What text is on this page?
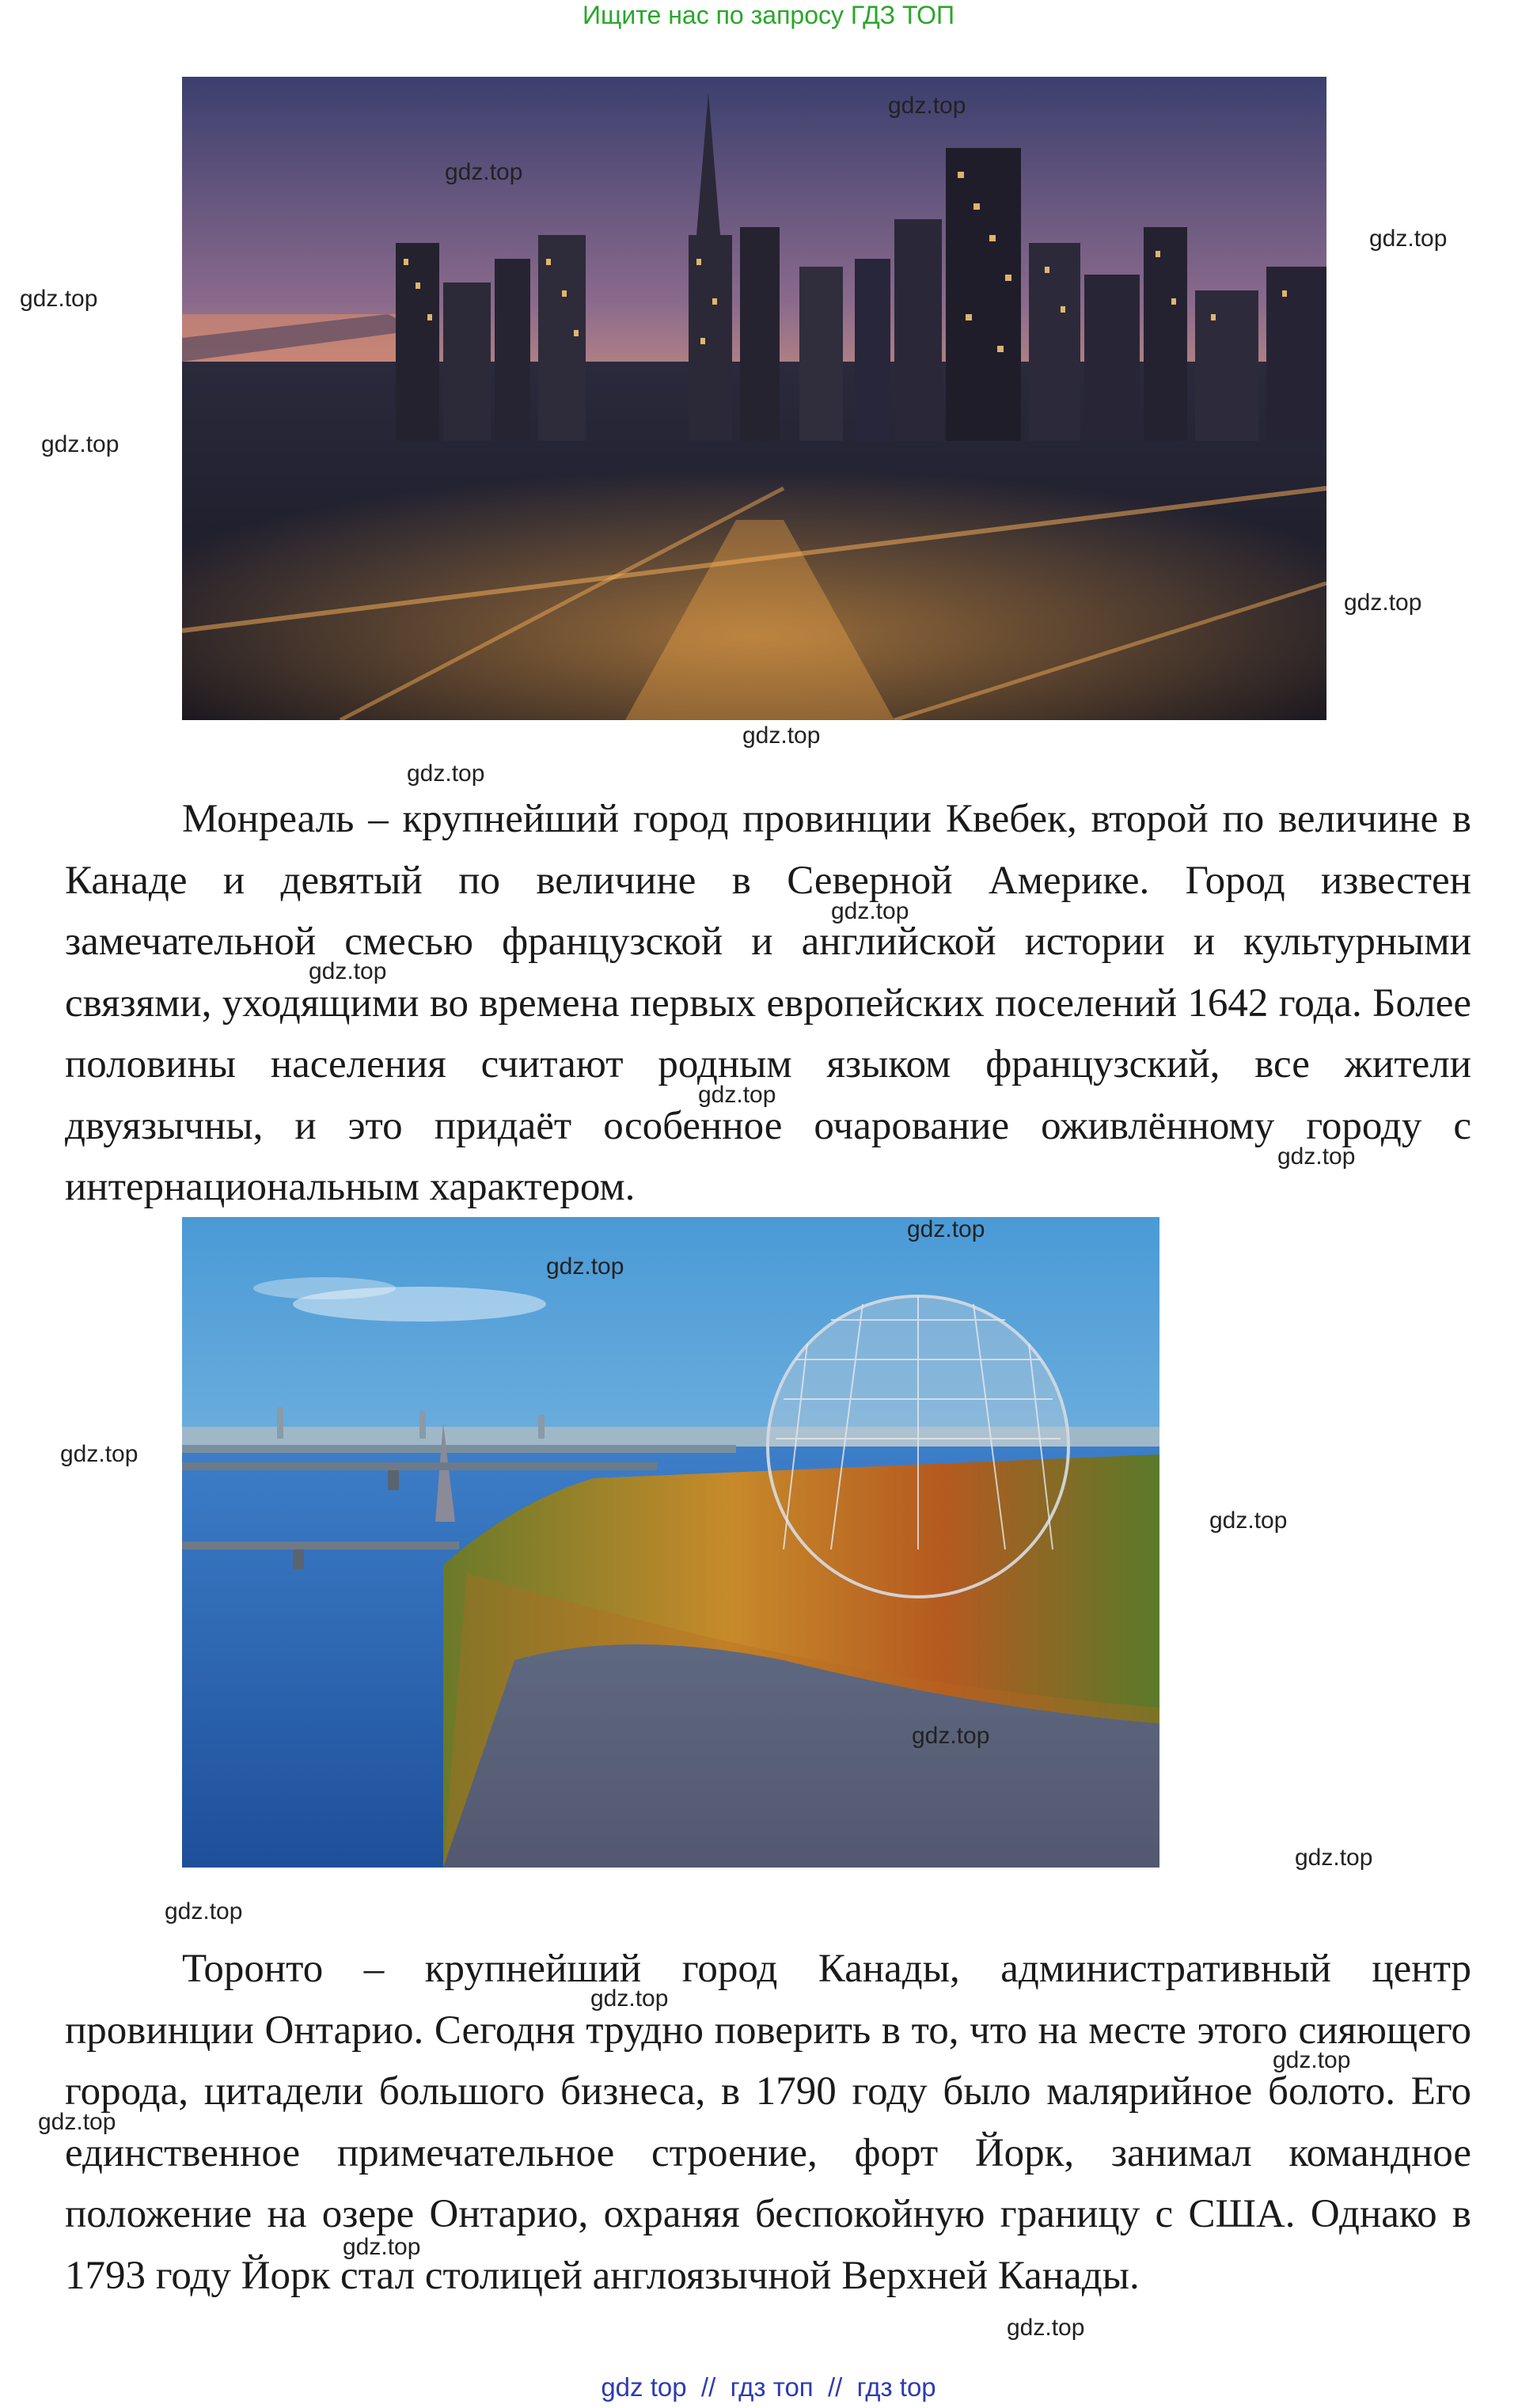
Ищите нас по запросу ГДЗ ТОП

Монреаль – крупнейший город провинции Квебек, второй по величине в Канаде и девятый по величине в Северной Америке. Город известен замечательной смесью французской и английской истории и культурными связями, уходящими во времена первых европейских поселений 1642 года. Более половины населения считают родным языком французский, все жители двуязычны, и это придаёт особенное очарование оживлённому городу с интернациональным характером.

Торонто – крупнейший город Канады, административный центр провинции Онтарио. Сегодня трудно поверить в то, что на месте этого сияющего города, цитадели большого бизнеса, в 1790 году было малярийное болото. Его единственное примечательное строение, форт Йорк, занимал командное положение на озере Онтарио, охраняя беспокойную границу с США. Однако в 1793 году Йорк стал столицей англоязычной Верхней Канады.

gdz.top
gdz.top
gdz.top
gdz.top
gdz.top
gdz.top
gdz.top
gdz.top
gdz.top
gdz.top
gdz.top
gdz.top
gdz.top
gdz.top
gdz.top
gdz.top
gdz.top
gdz.top
gdz.top
gdz.top
gdz.top
gdz.top
gdz.top
gdz.top
gdz top  //  гдз топ  //  гдз top
